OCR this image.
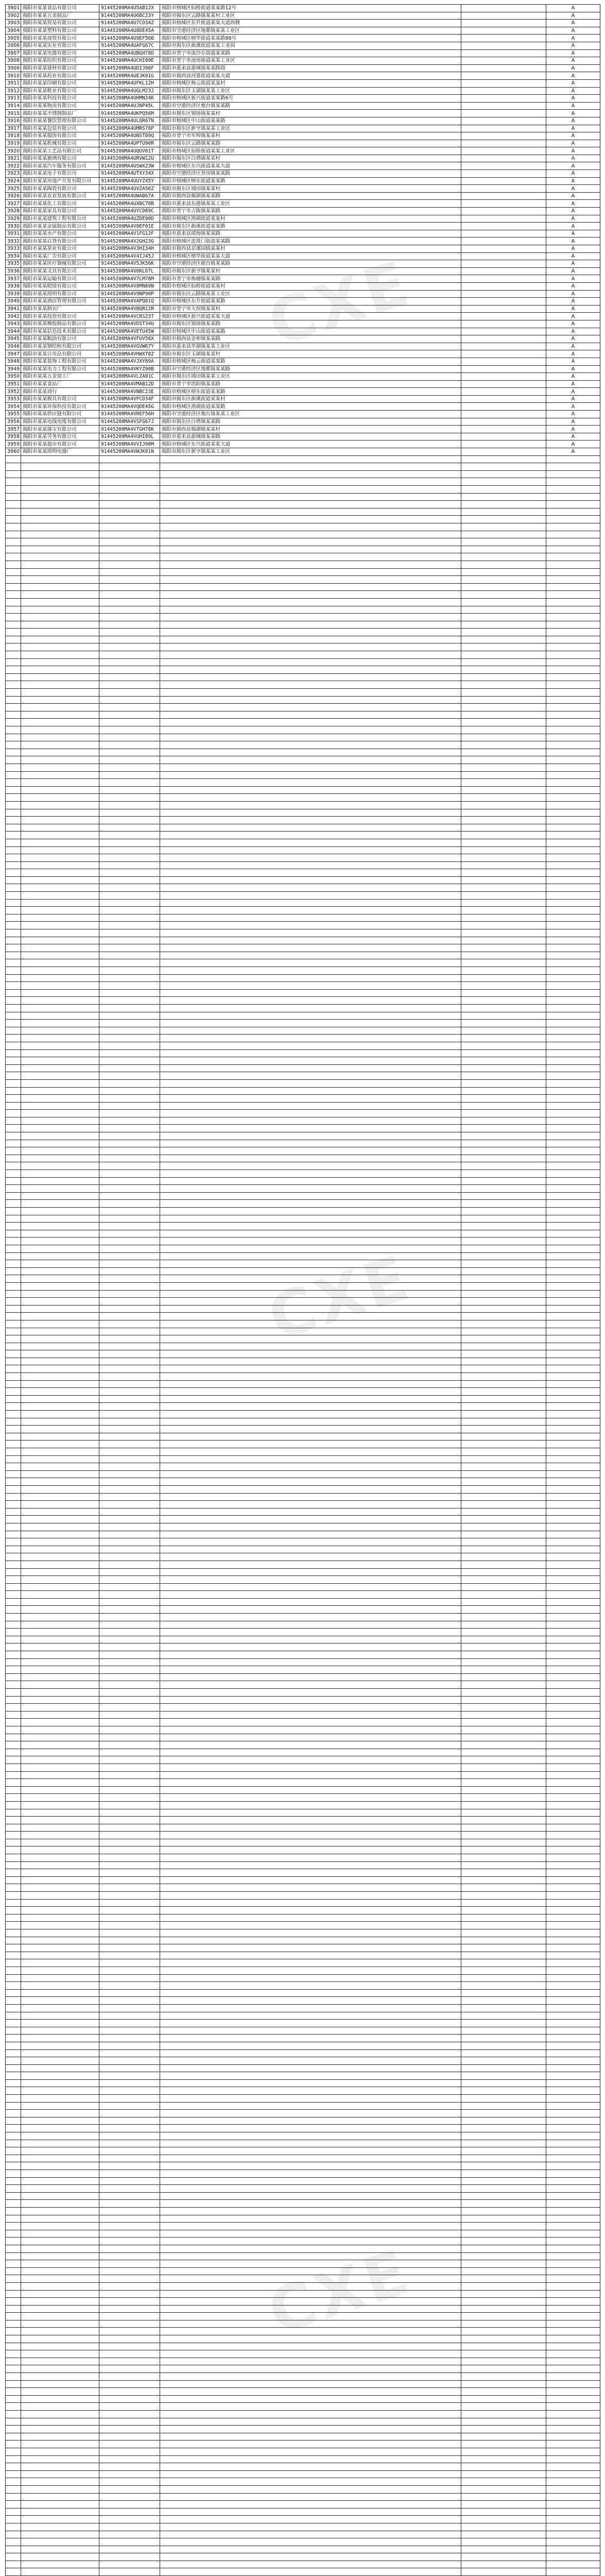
CXE
CXE
CXE
3901	揭阳市某某食品有限公司	91445200MA4U5AB12X	揭阳市榕城区仙桥街道某某路12号		A
3902	揭阳市某某五金制品厂	91445200MA4U6BC23Y	揭阳市揭东区云路镇某某村工业区		A
3903	揭阳市某某贸易有限公司	91445200MA4U7CD34Z	揭阳市榕城区东升街道某某大道西侧		A
3904	揭阳市某某塑料有限公司	91445200MA4U8DE45A	揭阳市空港经济区地都镇某某工业区		A
3905	揭阳市某某商贸有限公司	91445200MA4U9EF56B	揭阳市榕城区榕华街道某某路88号		A
3906	揭阳市某某实业有限公司	91445200MA4UAFG67C	揭阳市揭东区曲溪街道某某工业园		A
3907	揭阳市某某电器有限公司	91445200MA4UBGH78D	揭阳市普宁市流沙东街道某某路		A
3908	揭阳市某某纺织有限公司	91445200MA4UCHI89E	揭阳市普宁市池尾街道某某工业区		A
3909	揭阳市某某建材有限公司	91445200MA4UDIJ90F	揭阳市惠来县惠城镇某某路段		A
3910	揭阳市某某药业有限公司	91445200MA4UEJK01G	揭阳市揭西县河婆街道某某大道		A
3911	揭阳市某某印刷有限公司	91445200MA4UFKL12H	揭阳市榕城区梅云街道某某村		A
3912	揭阳市某某鞋业有限公司	91445200MA4UGLM23J	揭阳市揭东区玉湖镇某某工业区		A
3913	揭阳市某某科技有限公司	91445200MA4UHMN34K	揭阳市榕城区新兴街道某某路6号		A
3914	揭阳市某某物流有限公司	91445200MA4UJNP45L	揭阳市空港经济区炮台镇某某路		A
3915	揭阳市某某不锈钢制品厂	91445200MA4UKPQ56M	揭阳市揭东区锡场镇某某村		A
3916	揭阳市某某餐饮管理有限公司	91445200MA4ULQR67N	揭阳市榕城区中山街道某某路		A
3917	揭阳市某某包装有限公司	91445200MA4UMRS78P	揭阳市揭东区新亨镇某某工业区		A
3918	揭阳市某某服饰有限公司	91445200MA4UNST89Q	揭阳市普宁市军埠镇某某村		A
3919	揭阳市某某机械有限公司	91445200MA4UPTU90R	揭阳市揭东区云路镇某某路		A
3920	揭阳市某某工艺品有限公司	91445200MA4UQUV01T	揭阳市榕城区仙桥街道某某工业区		A
3921	揭阳市某某玻璃有限公司	91445200MA4URVW12U	揭阳市揭东区白塔镇某某村		A
3922	揭阳市某某汽车服务有限公司	91445200MA4USWX23W	揭阳市榕城区东兴街道某某大道		A
3923	揭阳市某某电子有限公司	91445200MA4UTXY34X	揭阳市空港经济区登岗镇某某路		A
3924	揭阳市某某房地产开发有限公司	91445200MA4UUYZ45Y	揭阳市榕城区榕东街道某某路		A
3925	揭阳市某某陶瓷有限公司	91445200MA4UVZA56Z	揭阳市揭东区埔田镇某某村		A
3926	揭阳市某某农业发展有限公司	91445200MA4UWAB67A	揭阳市揭西县棉湖镇某某路		A
3927	揭阳市某某化工有限公司	91445200MA4UXBC78B	揭阳市惠来县东港镇某某工业区		A
3928	揭阳市某某家具有限公司	91445200MA4UYCD89C	揭阳市普宁市占陇镇某某路		A
3929	揭阳市某某建筑工程有限公司	91445200MA4UZDE90D	揭阳市榕城区渔湖街道某某村		A
3930	揭阳市某某金属制品有限公司	91445200MA4V0EF01E	揭阳市揭东区曲溪街道某某路		A
3931	揭阳市某某水产有限公司	91445200MA4V1FG12F	揭阳市惠来县靖海镇某某路		A
3932	揭阳市某某百货有限公司	91445200MA4V2GH23G	揭阳市榕城区进贤门街道某某路		A
3933	揭阳市某某茶业有限公司	91445200MA4V3HI34H	揭阳市揭西县京溪园镇某某村		A
3934	揭阳市某某广告有限公司	91445200MA4V4IJ45J	揭阳市榕城区榕华街道某某大道		A
3935	揭阳市某某医疗器械有限公司	91445200MA4V5JK56K	揭阳市空港经济区砲台镇某某路		A
3936	揭阳市某某文具有限公司	91445200MA4V6KL67L	揭阳市揭东区新亨镇某某村		A
3937	揭阳市某某运输有限公司	91445200MA4V7LM78M	揭阳市普宁市梅塘镇某某路		A
3938	揭阳市某某眼镜有限公司	91445200MA4V8MN89N	揭阳市榕城区仙桥街道某某村		A
3939	揭阳市某某照明有限公司	91445200MA4V9NP90P	揭阳市揭东区云路镇某某工业区		A
3940	揭阳市某某酒店管理有限公司	91445200MA4VAPQ01Q	揭阳市榕城区东升街道某某路		A
3941	揭阳市某某制衣厂	91445200MA4VBQR12R	揭阳市普宁市大坝镇某某村		A
3942	揭阳市某某投资有限公司	91445200MA4VCRS23T	揭阳市榕城区新兴街道某某大道		A
3943	揭阳市某某橡胶制品有限公司	91445200MA4VDST34U	揭阳市揭东区锡场镇某某路		A
3944	揭阳市某某信息技术有限公司	91445200MA4VETU45W	揭阳市榕城区中山街道某某路		A
3945	揭阳市某某粮油有限公司	91445200MA4VFUV56X	揭阳市揭西县金和镇某某路		A
3946	揭阳市某某钢结构有限公司	91445200MA4VGVW67Y	揭阳市惠来县华湖镇某某工业区		A
3947	揭阳市某某日用品有限公司	91445200MA4VHWX78Z	揭阳市揭东区玉湖镇某某村		A
3948	揭阳市某某装饰工程有限公司	91445200MA4VJXY89A	揭阳市榕城区梅云街道某某路		A
3949	揭阳市某某电力工程有限公司	91445200MA4VKYZ90B	揭阳市空港经济区地都镇某某路		A
3950	揭阳市某某五金加工厂	91445200MA4VLZA01C	揭阳市揭东区埔田镇某某工业区		A
3951	揭阳市某某食品厂	91445200MA4VMAB12D	揭阳市普宁市洪阳镇某某路		A
3952	揭阳市某某商行	91445200MA4VNBC23E	揭阳市榕城区榕东街道某某路		A
3953	揭阳市某某模具有限公司	91445200MA4VPCD34F	揭阳市揭东区曲溪街道某某村		A
3954	揭阳市某某环保科技有限公司	91445200MA4VQDE45G	揭阳市榕城区渔湖街道某某路		A
3955	揭阳市某某供应链有限公司	91445200MA4VREF56H	揭阳市空港经济区炮台镇某某工业区		A
3956	揭阳市某某电线电缆有限公司	91445200MA4VSFG67J	揭阳市揭东区白塔镇某某路		A
3957	揭阳市某某珠宝有限公司	91445200MA4VTGH78K	揭阳市揭西县棉湖镇某某村		A
3958	揭阳市某某劳务有限公司	91445200MA4VUHI89L	揭阳市惠来县惠城镇某某路		A
3959	揭阳市某某超市有限公司	91445200MA4VVIJ90M	揭阳市榕城区东兴街道某某大道		A
3960	揭阳市某某照明电器厂	91445200MA4VWJK01N	揭阳市揭东区新亨镇某某工业区		A
